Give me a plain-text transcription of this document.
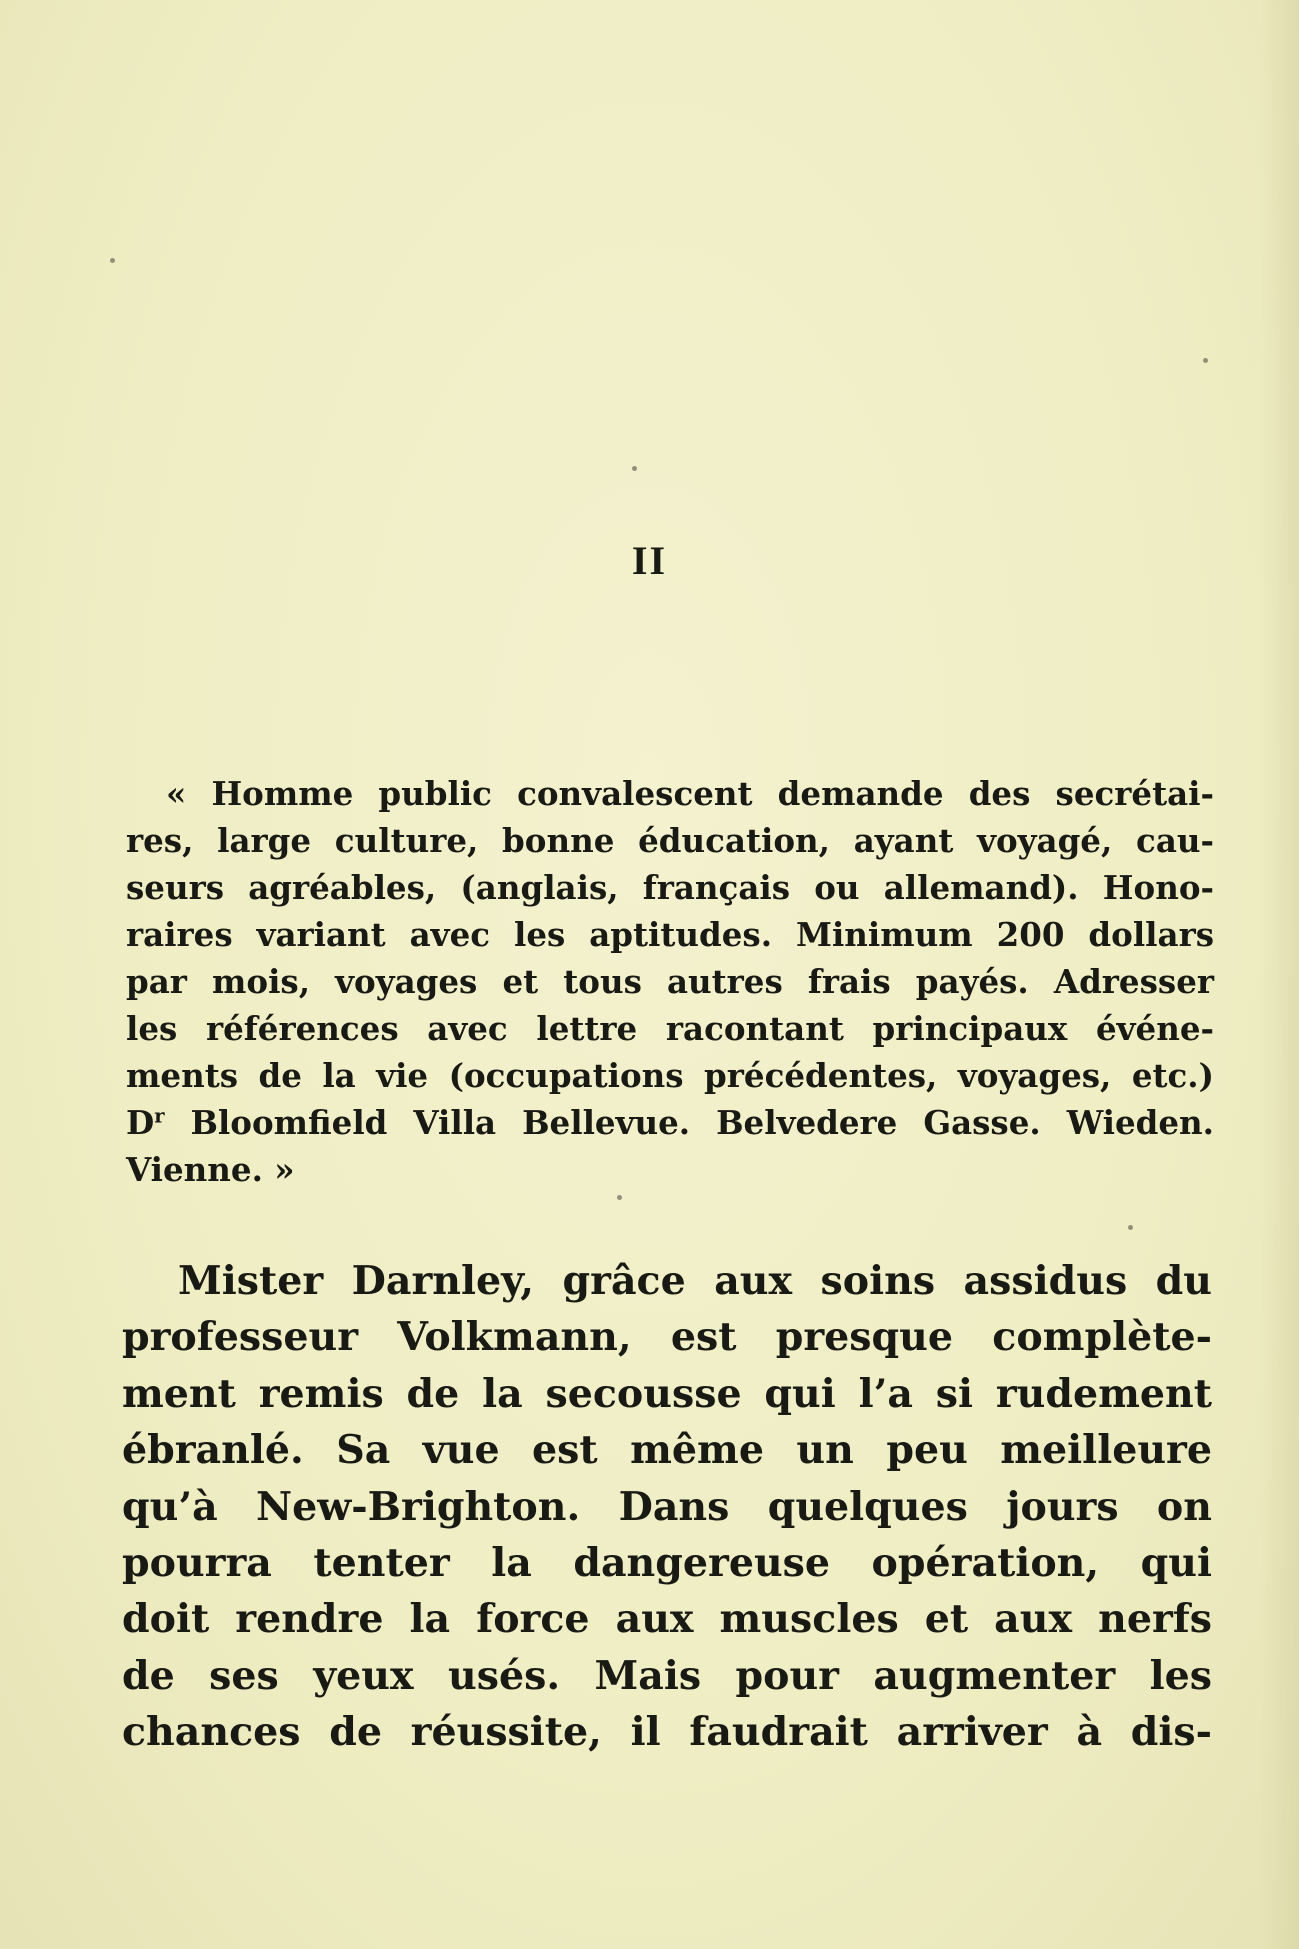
II
« Homme public convalescent demande des secrétai-
res, large culture, bonne éducation, ayant voyagé, cau-
seurs agréables, (anglais, français ou allemand). Hono-
raires variant avec les aptitudes. Minimum 200 dollars
par mois, voyages et tous autres frais payés. Adresser
les références avec lettre racontant principaux événe-
ments de la vie (occupations précédentes, voyages, etc.)
$D^r$ Bloomfield Villa Bellevue. Belvedere Gasse. Wieden.
Vienne. »
Mister Darnley, grâce aux soins assidus du
professeur Volkmann, est presque complète-
ment remis de la secousse qui l’a si rudement
ébranlé. Sa vue est même un peu meilleure
qu’à New-Brighton. Dans quelques jours on
pourra tenter la dangereuse opération, qui
doit rendre la force aux muscles et aux nerfs
de ses yeux usés. Mais pour augmenter les
chances de réussite, il faudrait arriver à dis-
